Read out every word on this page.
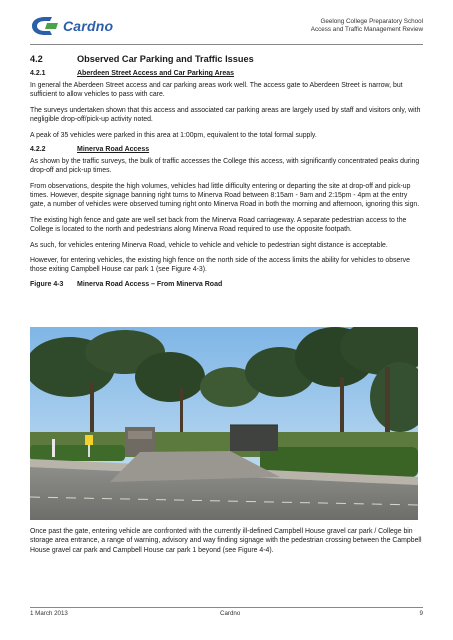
Cardno	Geelong College Preparatory School
Access and Traffic Management Review
4.2	Observed Car Parking and Traffic Issues
4.2.1	Aberdeen Street Access and Car Parking Areas

In general the Aberdeen Street access and car parking areas work well. The access gate to Aberdeen Street is narrow, but sufficient to allow vehicles to pass with care.

The surveys undertaken shown that this access and associated car parking areas are largely used by staff and visitors only, with negligible drop-off/pick-up activity noted.

A peak of 35 vehicles were parked in this area at 1:00pm, equivalent to the total formal supply.

4.2.2	Minerva Road Access

As shown by the traffic surveys, the bulk of traffic accesses the College this access, with significantly concentrated peaks during drop-off and pick-up times.

From observations, despite the high volumes, vehicles had little difficulty entering or departing the site at drop-off and pick-up times. However, despite signage banning right turns to Minerva Road between 8:15am - 9am and 2:15pm - 4pm at the entry gate, a number of vehicles were observed turning right onto Minerva Road in both the morning and afternoon, ignoring this sign.

The existing high fence and gate are well set back from the Minerva Road carriageway. A separate pedestrian access to the College is located to the north and pedestrians along Minerva Road required to use the opposite footpath.

As such, for vehicles entering Minerva Road, vehicle to vehicle and vehicle to pedestrian sight distance is acceptable.

However, for entering vehicles, the existing high fence on the north side of the access limits the ability for vehicles to observe those exiting Campbell House car park 1 (see Figure 4-3).

Figure 4-3	Minerva Road Access – From Minerva Road

Once past the gate, entering vehicle are confronted with the currently ill-defined Campbell House gravel car park / College bin storage area entrance, a range of warning, advisory and way finding signage with the pedestrian crossing between the Campbell House gravel car park and Campbell House car park 1 beyond (see Figure 4-4).

1 March 2013	Cardno	9
